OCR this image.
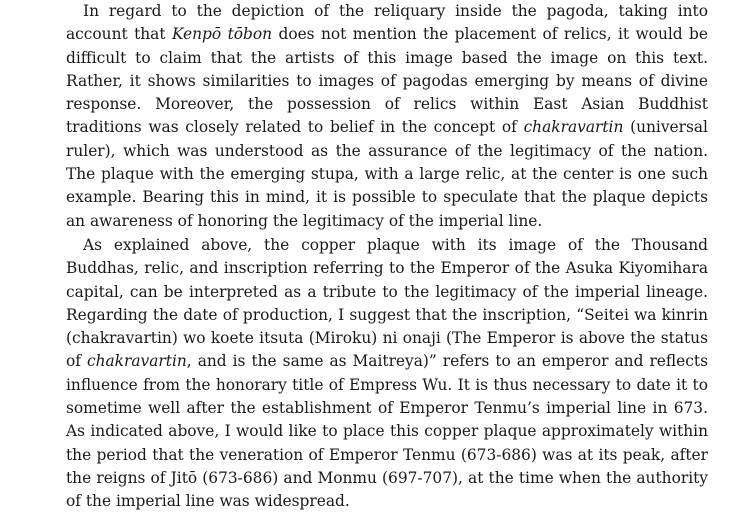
In regard to the depiction of the reliquary inside the pagoda, taking into account that Kenpō tōbon does not mention the placement of relics, it would be difficult to claim that the artists of this image based the image on this text. Rather, it shows similarities to images of pagodas emerging by means of divine response. Moreover, the possession of relics within East Asian Buddhist traditions was closely related to belief in the concept of chakravartin (universal ruler), which was understood as the assurance of the legitimacy of the nation. The plaque with the emerging stupa, with a large relic, at the center is one such example. Bearing this in mind, it is possible to speculate that the plaque depicts an awareness of honoring the legitimacy of the imperial line.

As explained above, the copper plaque with its image of the Thousand Buddhas, relic, and inscription referring to the Emperor of the Asuka Kiyomihara capital, can be interpreted as a tribute to the legitimacy of the imperial lineage. Regarding the date of production, I suggest that the inscription, “Seitei wa kinrin (chakravartin) wo koete itsuta (Miroku) ni onaji (The Emperor is above the status of chakravartin, and is the same as Maitreya)” refers to an emperor and reflects influence from the honorary title of Empress Wu. It is thus necessary to date it to sometime well after the establishment of Emperor Tenmu’s imperial line in 673. As indicated above, I would like to place this copper plaque approximately within the period that the veneration of Emperor Tenmu (673-686) was at its peak, after the reigns of Jitō (673-686) and Monmu (697-707), at the time when the authority of the imperial line was widespread.
